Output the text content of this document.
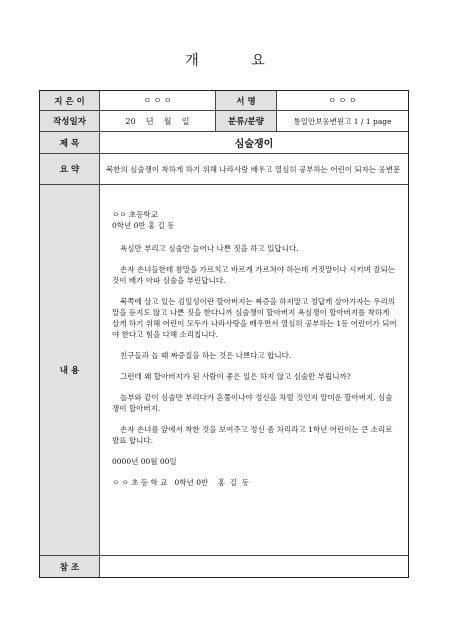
개 요
지 은 이	ㅇ ㅇ ㅇ	서 명	ㅇ ㅇ ㅇ
작성일자	20    년    월    일	분류/분량	통일안보웅변원고 1 / 1 page
제 목	심술쟁이
요 약	북한의 심술쟁이 착하게 하기 위해 나라사랑 배우고 열심히 공부하는 어린이 되자는 웅변문
내 용
ㅇㅇ 초등학교
0학년 0반 홍 길 동

욕심만 부리고 심술만 늘어나 나쁜 짓을 하고 있답니다.

손자 손녀들한테 참말을 가르치고 바르게 가르쳐야 하는데 거짓말이나 시키며 잘되는 것이 배가 아파 심술을 부린답니다.

북쪽에 살고 있는 김일성이란 할아버지는 짜증을 하지말고 정답게 살아가자는 우리의 말을 듣지도 않고 나쁜 짓을 한다니까 심술쟁이 할아버지 욕심쟁이 할아버지를 착하게 살게 하기 위해 어린이 모두가 나라사랑을 배우면서 열심히 공부하는 1등 어린이가 되어야 한다고 힘을 다해 소리칩니다.

친구들과 놀 때 짜증질을 하는 것은 나쁘다고 합니다.

그런데 왜 할아버지가 된 사람이 좋은 일은 하지 않고 심술만 부립니까?

놀부와 같이 심술만 부리다가 혼쭐이나야 정신을 차릴 것인지 알미운 할아버지, 심술쟁이 할아버지.

손자 손녀를 앞에서 착한 것을 보여주고 정신 좀 차리라고 1학년 어린이는 큰 소리로 발표 합니다.

0000년 00월 00일

ㅇ ㅇ 초 등 학 교   0학년 0반    홍  길  동

참 조
